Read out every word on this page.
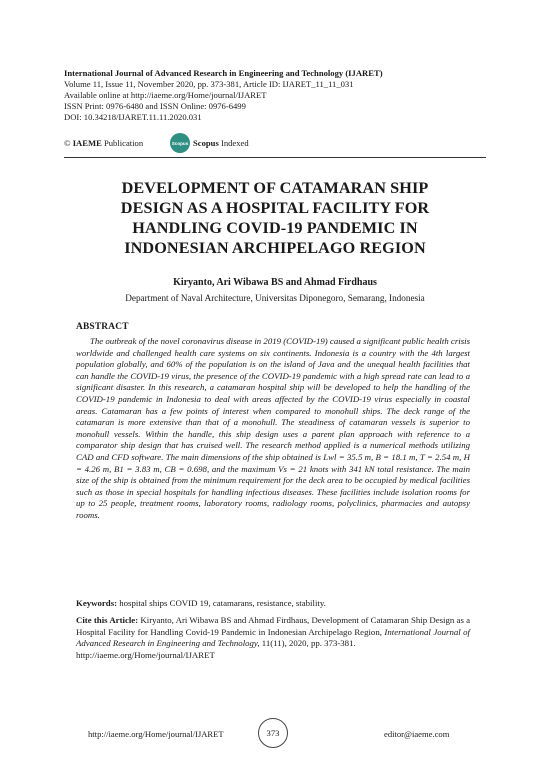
International Journal of Advanced Research in Engineering and Technology (IJARET)
Volume 11, Issue 11, November 2020, pp. 373-381, Article ID: IJARET_11_11_031
Available online at http://iaeme.org/Home/journal/IJARET
ISSN Print: 0976-6480 and ISSN Online: 0976-6499
DOI: 10.34218/IJARET.11.11.2020.031
© IAEME Publication	Scopus Scopus Indexed
DEVELOPMENT OF CATAMARAN SHIP
DESIGN AS A HOSPITAL FACILITY FOR
HANDLING COVID-19 PANDEMIC IN
INDONESIAN ARCHIPELAGO REGION
Kiryanto, Ari Wibawa BS and Ahmad Firdhaus
Department of Naval Architecture, Universitas Diponegoro, Semarang, Indonesia
ABSTRACT

The outbreak of the novel coronavirus disease in 2019 (COVID-19) caused a significant public health crisis worldwide and challenged health care systems on six continents. Indonesia is a country with the 4th largest population globally, and 60% of the population is on the island of Java and the unequal health facilities that can handle the COVID-19 virus, the presence of the COVID-19 pandemic with a high spread rate can lead to a significant disaster. In this research, a catamaran hospital ship will be developed to help the handling of the COVID-19 pandemic in Indonesia to deal with areas affected by the COVID-19 virus especially in coastal areas. Catamaran has a few points of interest when compared to monohull ships. The deck range of the catamaran is more extensive than that of a monohull. The steadiness of catamaran vessels is superior to monohull vessels. Within the handle, this ship design uses a parent plan approach with reference to a comparator ship design that has cruised well. The research method applied is a numerical methods utilizing CAD and CFD software. The main dimensions of the ship obtained is Lwl = 35.5 m, B = 18.1 m, T = 2.54 m, H = 4.26 m, B1 = 3.83 m, CB = 0.698, and the maximum Vs = 21 knots with 341 kN total resistance. The main size of the ship is obtained from the minimum requirement for the deck area to be occupied by medical facilities such as those in special hospitals for handling infectious diseases. These facilities include isolation rooms for up to 25 people, treatment rooms, laboratory rooms, radiology rooms, polyclinics, pharmacies and autopsy rooms.

Keywords: hospital ships COVID 19, catamarans, resistance, stability.

Cite this Article: Kiryanto, Ari Wibawa BS and Ahmad Firdhaus, Development of Catamaran Ship Design as a Hospital Facility for Handling Covid-19 Pandemic in Indonesian Archipelago Region, International Journal of Advanced Research in Engineering and Technology, 11(11), 2020, pp. 373-381.
http://iaeme.org/Home/journal/IJARET

http://iaeme.org/Home/journal/IJARET	373	editor@iaeme.com
